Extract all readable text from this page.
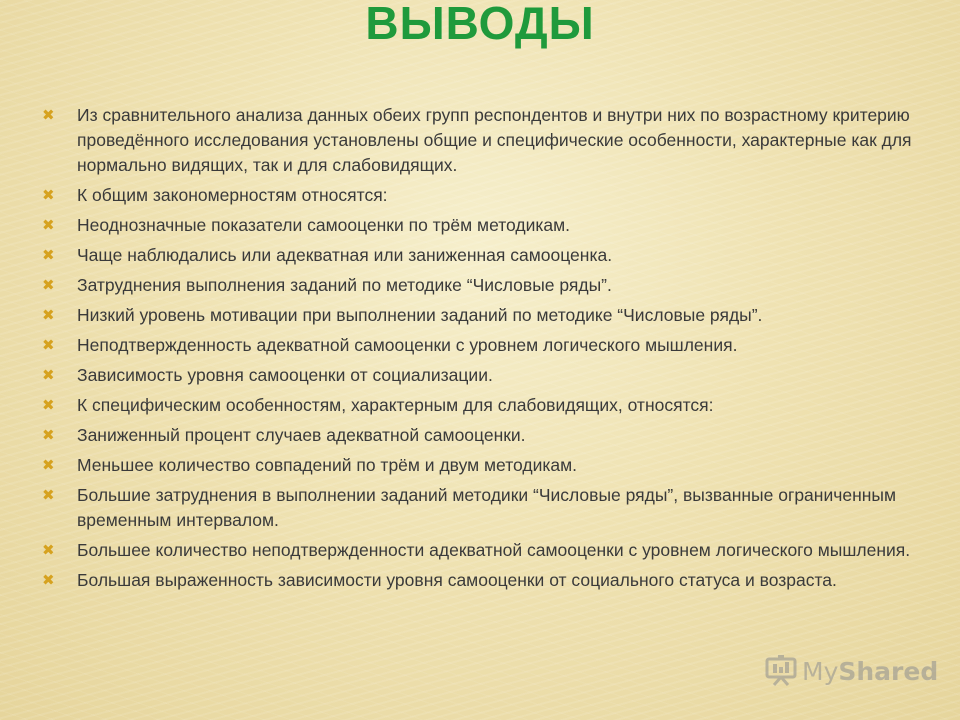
ВЫВОДЫ
✖	Из сравнительного анализа данных обеих групп респондентов и внутри них по возрастному критерию проведённого исследования установлены общие и специфические особенности, характерные как для нормально видящих, так и для слабовидящих.
✖	К общим закономерностям относятся:
✖	Неоднозначные показатели самооценки по трём методикам.
✖	Чаще наблюдались или адекватная или заниженная самооценка.
✖	Затруднения выполнения заданий по методике “Числовые ряды”.
✖	Низкий уровень мотивации при выполнении заданий по методике “Числовые ряды”.
✖	Неподтвержденность адекватной самооценки с уровнем логического мышления.
✖	Зависимость уровня самооценки от социализации.
✖	К специфическим особенностям, характерным для слабовидящих, относятся:
✖	Заниженный процент случаев адекватной самооценки.
✖	Меньшее количество совпадений по трём и двум методикам.
✖	Большие затруднения в выполнении заданий методики “Числовые ряды”, вызванные ограниченным временным интервалом.
✖	Большее количество неподтвержденности адекватной самооценки с уровнем логического мышления.
✖	Большая выраженность зависимости уровня самооценки от социального статуса и возраста.
MyShared
